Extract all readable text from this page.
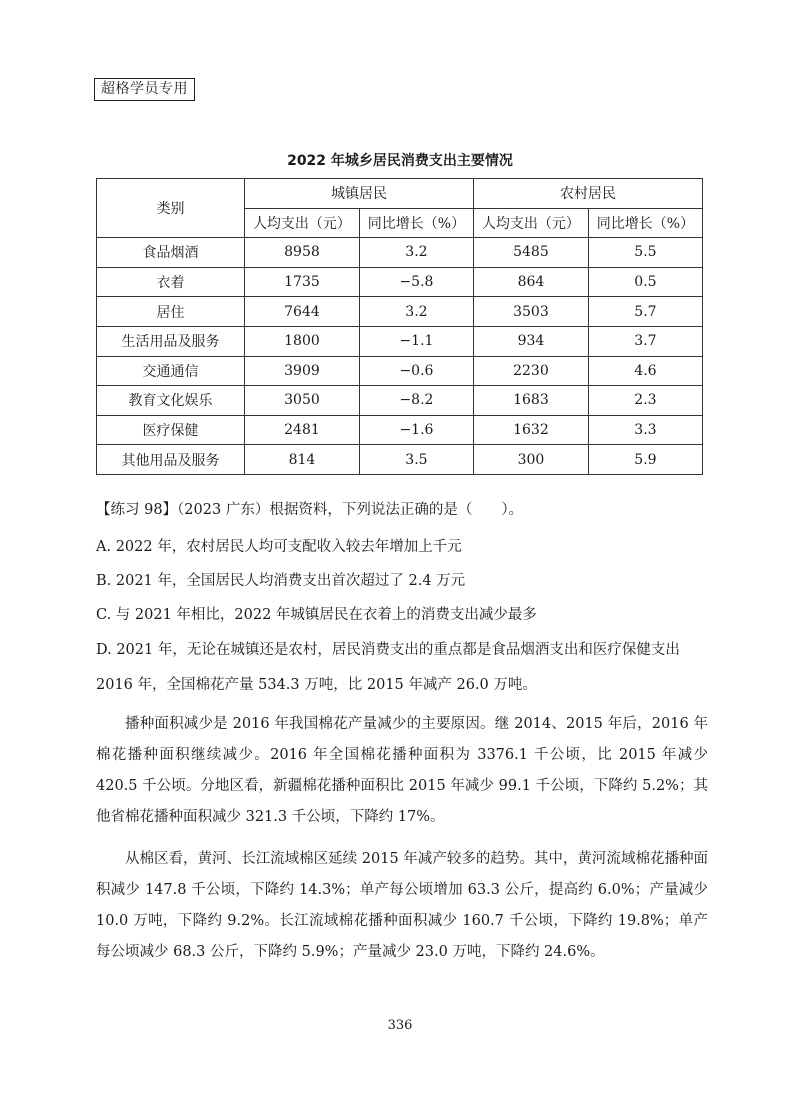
超格学员专用
2022 年城乡居民消费支出主要情况
类别	城镇居民		农村居民	
	人均支出（元）	同比增长（%）	人均支出（元）	同比增长（%）
食品烟酒	8958	3.2	5485	5.5
衣着	1735	−5.8	864	0.5
居住	7644	3.2	3503	5.7
生活用品及服务	1800	−1.1	934	3.7
交通通信	3909	−0.6	2230	4.6
教育文化娱乐	3050	−8.2	1683	2.3
医疗保健	2481	−1.6	1632	3.3
其他用品及服务	814	3.5	300	5.9
【练习 98】（2023 广东）根据资料，下列说法正确的是（　　）。
A. 2022 年，农村居民人均可支配收入较去年增加上千元
B. 2021 年，全国居民人均消费支出首次超过了 2.4 万元
C. 与 2021 年相比，2022 年城镇居民在衣着上的消费支出减少最多
D. 2021 年，无论在城镇还是农村，居民消费支出的重点都是食品烟酒支出和医疗保健支出
2016 年，全国棉花产量 534.3 万吨，比 2015 年减产 26.0 万吨。
播种面积减少是 2016 年我国棉花产量减少的主要原因。继 2014、2015 年后，2016 年棉花播种面积继续减少。2016 年全国棉花播种面积为 3376.1 千公顷，比 2015 年减少 420.5 千公顷。分地区看，新疆棉花播种面积比 2015 年减少 99.1 千公顷，下降约 5.2%；其他省棉花播种面积减少 321.3 千公顷，下降约 17%。
从棉区看，黄河、长江流域棉区延续 2015 年减产较多的趋势。其中，黄河流域棉花播种面积减少 147.8 千公顷，下降约 14.3%；单产每公顷增加 63.3 公斤，提高约 6.0%；产量减少 10.0 万吨，下降约 9.2%。长江流域棉花播种面积减少 160.7 千公顷，下降约 19.8%；单产每公顷减少 68.3 公斤，下降约 5.9%；产量减少 23.0 万吨，下降约 24.6%。
336
